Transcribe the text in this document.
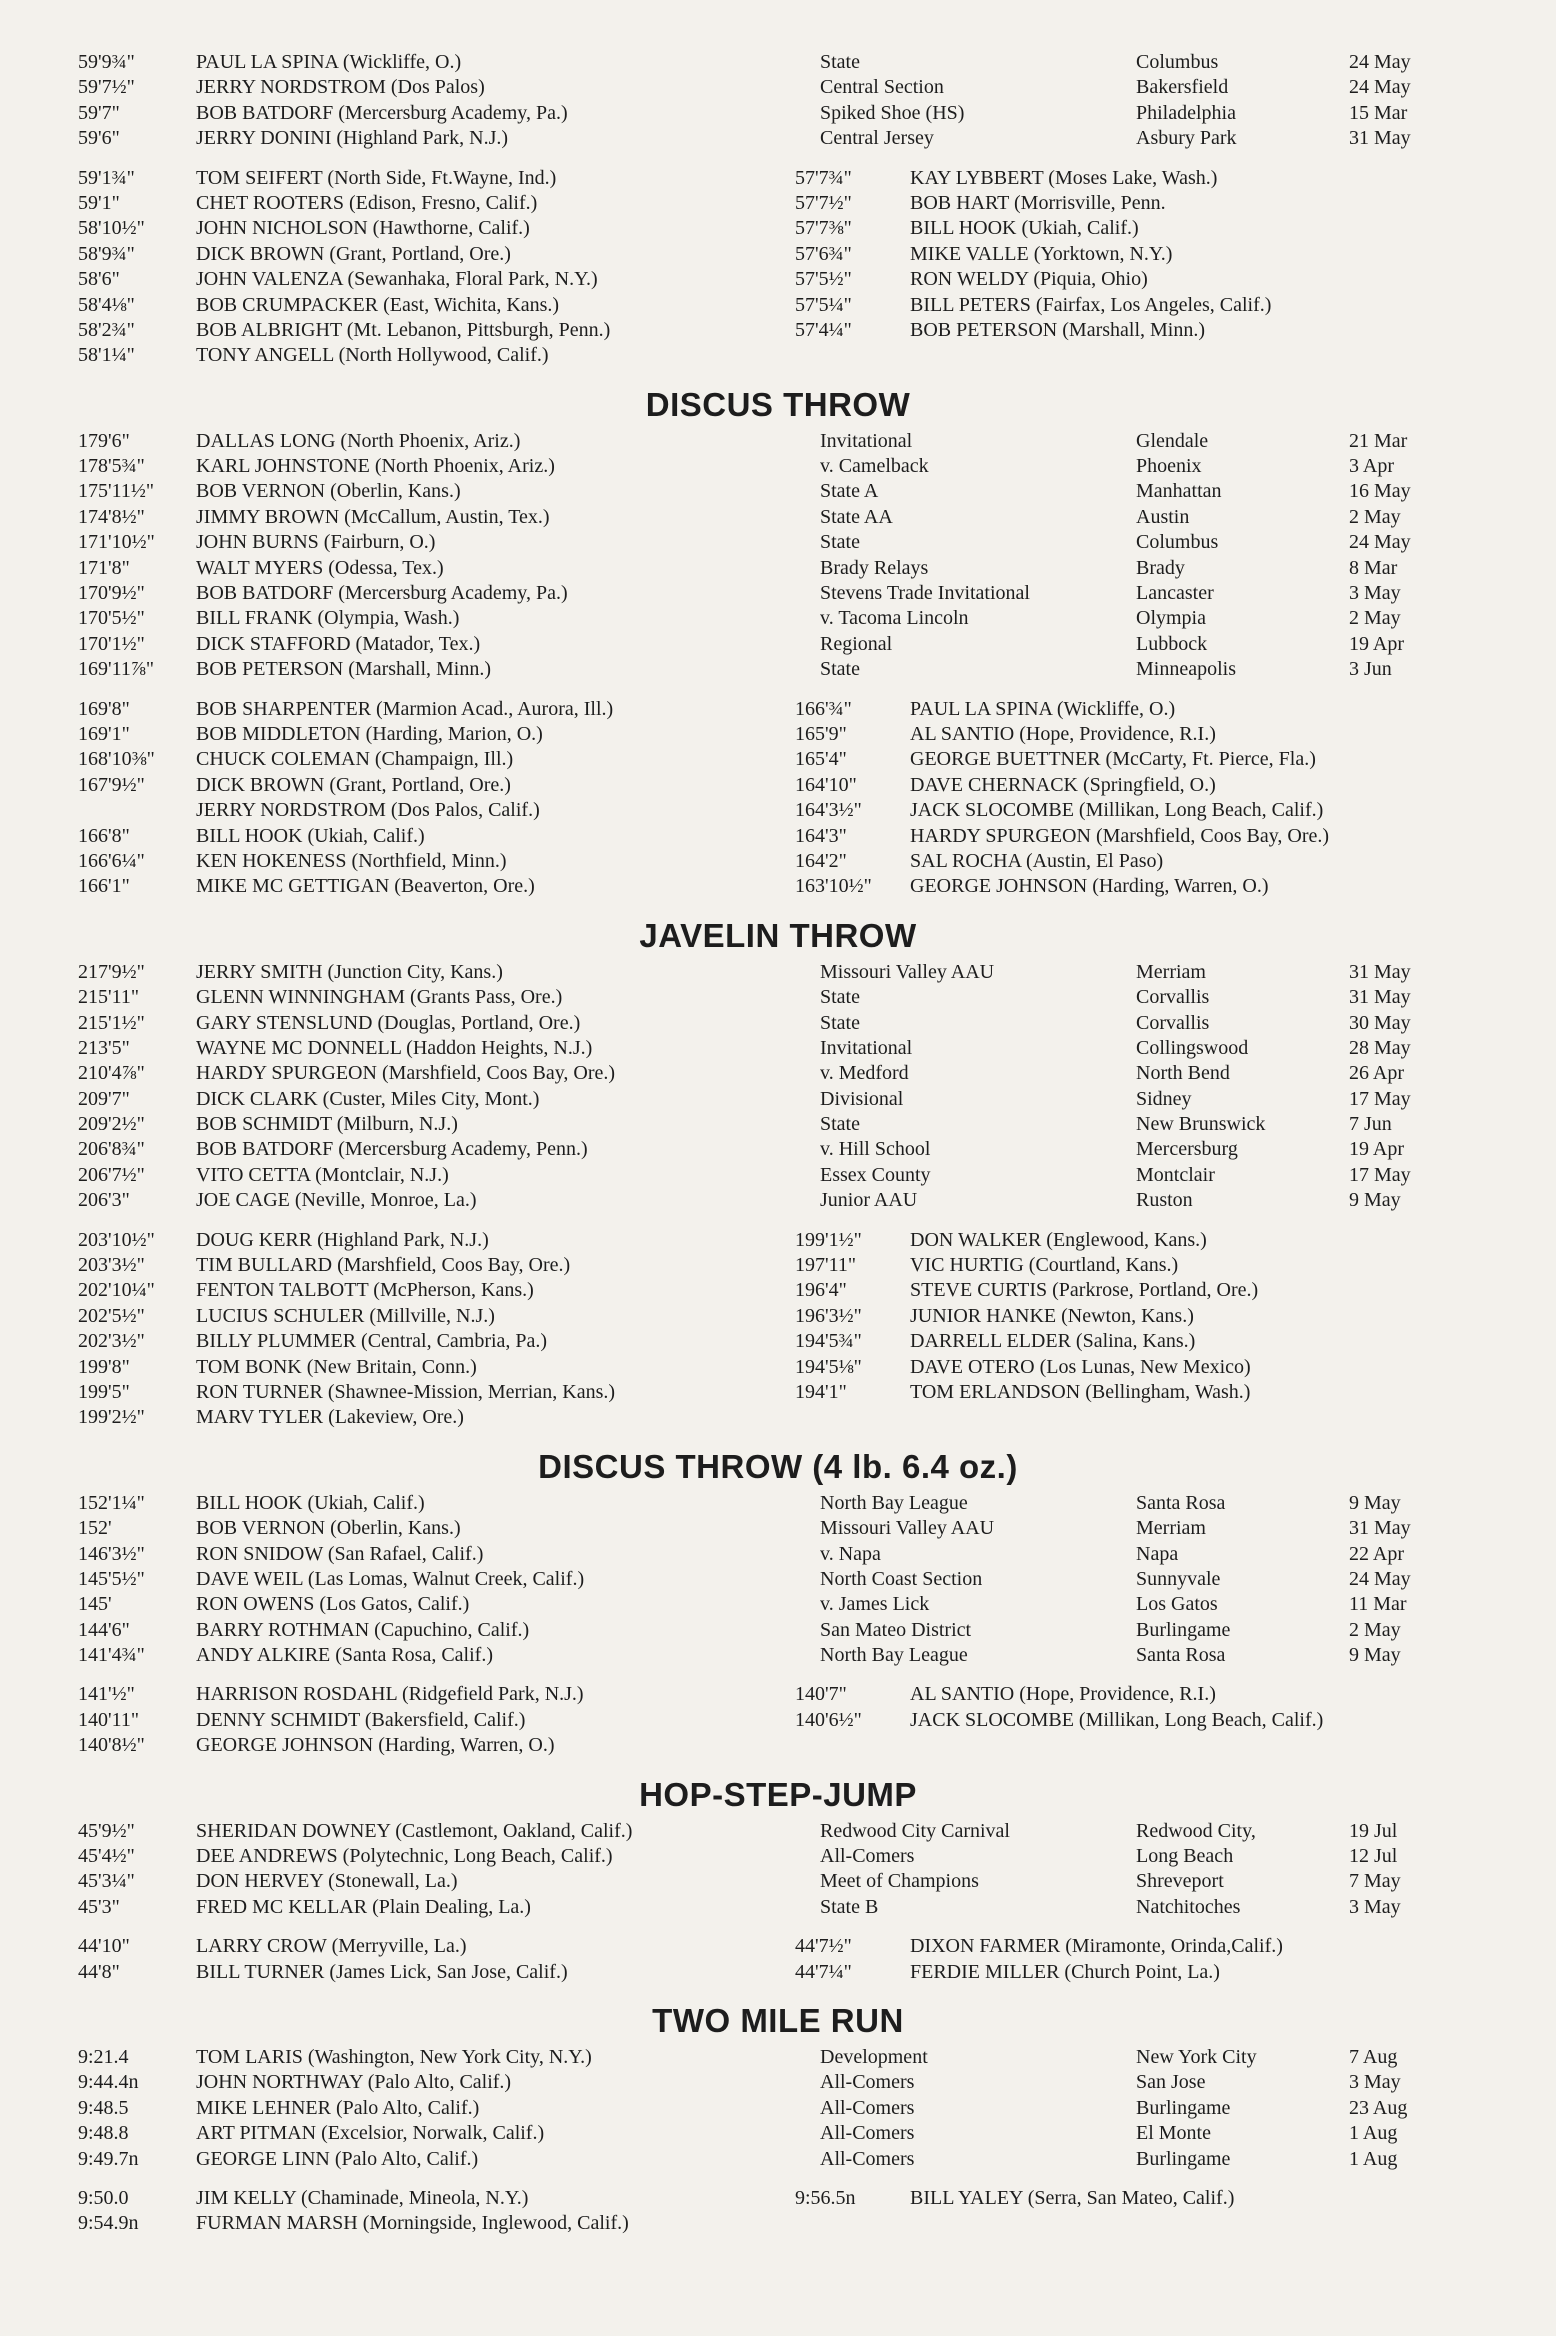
59'9¾"	PAUL LA SPINA (Wickliffe, O.)	State	Columbus	24 May
59'7½"	JERRY NORDSTROM (Dos Palos)	Central Section	Bakersfield	24 May
59'7"	BOB BATDORF (Mercersburg Academy, Pa.)	Spiked Shoe (HS)	Philadelphia	15 Mar
59'6"	JERRY DONINI (Highland Park, N.J.)	Central Jersey	Asbury Park	31 May
59'1¾"	TOM SEIFERT (North Side, Ft.Wayne, Ind.)	57'7¾"	KAY LYBBERT (Moses Lake, Wash.)
59'1"	CHET ROOTERS (Edison, Fresno, Calif.)	57'7½"	BOB HART (Morrisville, Penn.
58'10½"	JOHN NICHOLSON (Hawthorne, Calif.)	57'7⅜"	BILL HOOK (Ukiah, Calif.)
58'9¾"	DICK BROWN (Grant, Portland, Ore.)	57'6¾"	MIKE VALLE (Yorktown, N.Y.)
58'6"	JOHN VALENZA (Sewanhaka, Floral Park, N.Y.)	57'5½"	RON WELDY (Piquia, Ohio)
58'4⅛"	BOB CRUMPACKER (East, Wichita, Kans.)	57'5¼"	BILL PETERS (Fairfax, Los Angeles, Calif.)
58'2¾"	BOB ALBRIGHT (Mt. Lebanon, Pittsburgh, Penn.)	57'4¼"	BOB PETERSON (Marshall, Minn.)
58'1¼"	TONY ANGELL (North Hollywood, Calif.)
DISCUS THROW
179'6"	DALLAS LONG (North Phoenix, Ariz.)	Invitational	Glendale	21 Mar
178'5¾"	KARL JOHNSTONE (North Phoenix, Ariz.)	v. Camelback	Phoenix	3 Apr
175'11½" BOB VERNON (Oberlin, Kans.)	State A	Manhattan	16 May
174'8½"	JIMMY BROWN (McCallum, Austin, Tex.)	State AA	Austin	2 May
171'10½" JOHN BURNS (Fairburn, O.)	State	Columbus	24 May
171'8"	WALT MYERS (Odessa, Tex.)	Brady Relays	Brady	8 Mar
170'9½"	BOB BATDORF (Mercersburg Academy, Pa.)	Stevens Trade Invitational	Lancaster	3 May
170'5½"	BILL FRANK (Olympia, Wash.)	v. Tacoma Lincoln	Olympia	2 May
170'1½"	DICK STAFFORD (Matador, Tex.)	Regional	Lubbock	19 Apr
169'11⅞" BOB PETERSON (Marshall, Minn.)	State	Minneapolis	3 Jun
169'8"	BOB SHARPENTER (Marmion Acad., Aurora, Ill.)	166'¾"	PAUL LA SPINA (Wickliffe, O.)
169'1"	BOB MIDDLETON (Harding, Marion, O.)	165'9"	AL SANTIO (Hope, Providence, R.I.)
168'10⅜" CHUCK COLEMAN (Champaign, Ill.)	165'4"	GEORGE BUETTNER (McCarty, Ft. Pierce, Fla.)
167'9½"	DICK BROWN (Grant, Portland, Ore.)	164'10"	DAVE CHERNACK (Springfield, O.)
JERRY NORDSTROM (Dos Palos, Calif.)	164'3½" JACK SLOCOMBE (Millikan, Long Beach, Calif.)
166'8"	BILL HOOK (Ukiah, Calif.)	164'3"	HARDY SPURGEON (Marshfield, Coos Bay, Ore.)
166'6¼"	KEN HOKENESS (Northfield, Minn.)	164'2"	SAL ROCHA (Austin, El Paso)
166'1"	MIKE MC GETTIGAN (Beaverton, Ore.)	163'10½" GEORGE JOHNSON (Harding, Warren, O.)
JAVELIN THROW
217'9½"	JERRY SMITH (Junction City, Kans.)	Missouri Valley AAU	Merriam	31 May
215'11"	GLENN WINNINGHAM (Grants Pass, Ore.)	State	Corvallis	31 May
215'1½"	GARY STENSLUND (Douglas, Portland, Ore.)	State	Corvallis	30 May
213'5"	WAYNE MC DONNELL (Haddon Heights, N.J.)	Invitational	Collingswood	28 May
210'4⅞"	HARDY SPURGEON (Marshfield, Coos Bay, Ore.)	v. Medford	North Bend	26 Apr
209'7"	DICK CLARK (Custer, Miles City, Mont.)	Divisional	Sidney	17 May
209'2½"	BOB SCHMIDT (Milburn, N.J.)	State	New Brunswick	7 Jun
206'8¾"	BOB BATDORF (Mercersburg Academy, Penn.)	v. Hill School	Mercersburg	19 Apr
206'7½"	VITO CETTA (Montclair, N.J.)	Essex County	Montclair	17 May
206'3"	JOE CAGE (Neville, Monroe, La.)	Junior AAU	Ruston	9 May
203'10½" DOUG KERR (Highland Park, N.J.)	199'1½" DON WALKER (Englewood, Kans.)
203'3½"	TIM BULLARD (Marshfield, Coos Bay, Ore.)	197'11"	VIC HURTIG (Courtland, Kans.)
202'10¼" FENTON TALBOTT (McPherson, Kans.)	196'4"	STEVE CURTIS (Parkrose, Portland, Ore.)
202'5½"	LUCIUS SCHULER (Millville, N.J.)	196'3½" JUNIOR HANKE (Newton, Kans.)
202'3½"	BILLY PLUMMER (Central, Cambria, Pa.)	194'5¾" DARRELL ELDER (Salina, Kans.)
199'8"	TOM BONK (New Britain, Conn.)	194'5⅛" DAVE OTERO (Los Lunas, New Mexico)
199'5"	RON TURNER (Shawnee-Mission, Merrian, Kans.)	194'1"	TOM ERLANDSON (Bellingham, Wash.)
199'2½"	MARV TYLER (Lakeview, Ore.)
DISCUS THROW (4 lb. 6.4 oz.)
152'1¼"	BILL HOOK (Ukiah, Calif.)	North Bay League	Santa Rosa	9 May
152'	BOB VERNON (Oberlin, Kans.)	Missouri Valley AAU	Merriam	31 May
146'3½"	RON SNIDOW (San Rafael, Calif.)	v. Napa	Napa	22 Apr
145'5½"	DAVE WEIL (Las Lomas, Walnut Creek, Calif.)	North Coast Section	Sunnyvale	24 May
145'	RON OWENS (Los Gatos, Calif.)	v. James Lick	Los Gatos	11 Mar
144'6"	BARRY ROTHMAN (Capuchino, Calif.)	San Mateo District	Burlingame	2 May
141'4¾"	ANDY ALKIRE (Santa Rosa, Calif.)	North Bay League	Santa Rosa	9 May
141'½"	HARRISON ROSDAHL (Ridgefield Park, N.J.)	140'7"	AL SANTIO (Hope, Providence, R.I.)
140'11"	DENNY SCHMIDT (Bakersfield, Calif.)	140'6½" JACK SLOCOMBE (Millikan, Long Beach, Calif.)
140'8½"	GEORGE JOHNSON (Harding, Warren, O.)
HOP-STEP-JUMP
45'9½"	SHERIDAN DOWNEY (Castlemont, Oakland, Calif.)	Redwood City Carnival	Redwood City,	19 Jul
45'4½"	DEE ANDREWS (Polytechnic, Long Beach, Calif.)	All-Comers	Long Beach	12 Jul
45'3¼"	DON HERVEY (Stonewall, La.)	Meet of Champions	Shreveport	7 May
45'3"	FRED MC KELLAR (Plain Dealing, La.)	State B	Natchitoches	3 May
44'10"	LARRY CROW (Merryville, La.)	44'7½"	DIXON FARMER (Miramonte, Orinda,Calif.)
44'8"	BILL TURNER (James Lick, San Jose, Calif.)	44'7¼"	FERDIE MILLER (Church Point, La.)
TWO MILE RUN
9:21.4	TOM LARIS (Washington, New York City, N.Y.)	Development	New York City	7 Aug
9:44.4n	JOHN NORTHWAY (Palo Alto, Calif.)	All-Comers	San Jose	3 May
9:48.5	MIKE LEHNER (Palo Alto, Calif.)	All-Comers	Burlingame	23 Aug
9:48.8	ART PITMAN (Excelsior, Norwalk, Calif.)	All-Comers	El Monte	1 Aug
9:49.7n	GEORGE LINN (Palo Alto, Calif.)	All-Comers	Burlingame	1 Aug
9:50.0	JIM KELLY (Chaminade, Mineola, N.Y.)	9:56.5n	BILL YALEY (Serra, San Mateo, Calif.)
9:54.9n	FURMAN MARSH (Morningside, Inglewood, Calif.)
